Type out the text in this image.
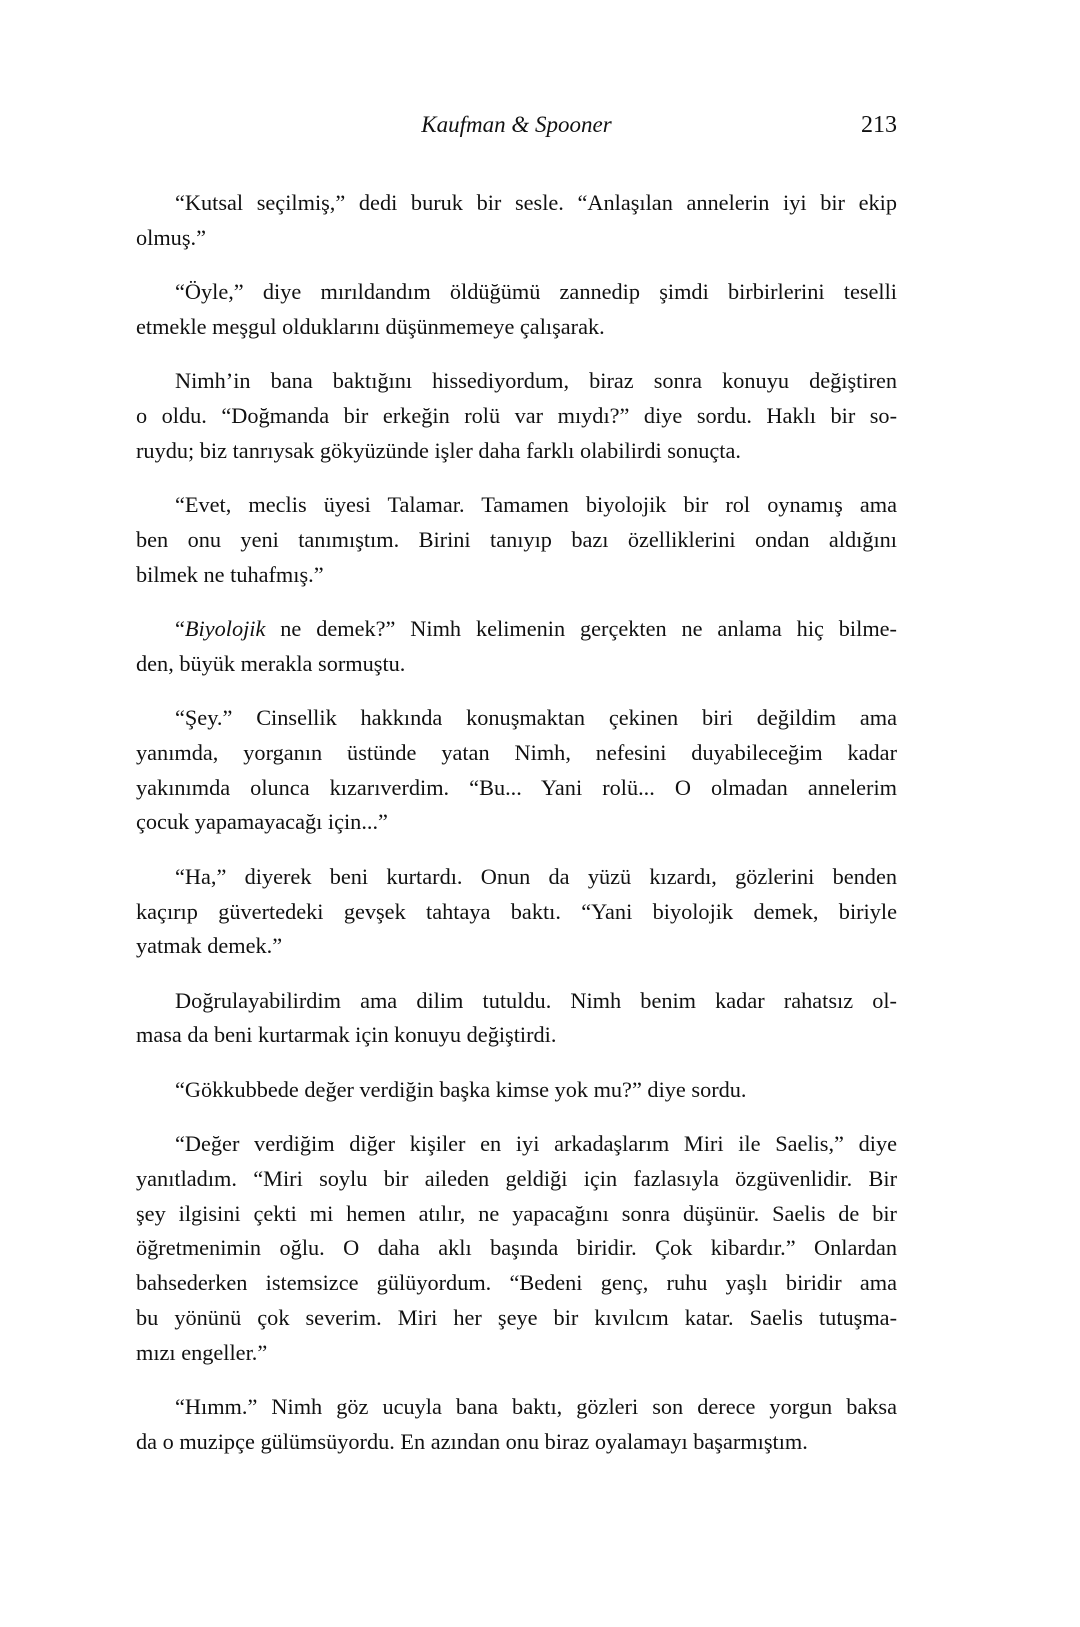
Kaufman & Spooner	213

“Kutsal seçilmiş,” dedi buruk bir sesle. “Anlaşılan annelerin iyi bir ekip
olmuş.”

“Öyle,” diye mırıldandım öldüğümü zannedip şimdi birbirlerini teselli
etmekle meşgul olduklarını düşünmemeye çalışarak.

Nimh’in bana baktığını hissediyordum, biraz sonra konuyu değiştiren
o oldu. “Doğmanda bir erkeğin rolü var mıydı?” diye sordu. Haklı bir so-
ruydu; biz tanrıysak gökyüzünde işler daha farklı olabilirdi sonuçta.

“Evet, meclis üyesi Talamar. Tamamen biyolojik bir rol oynamış ama
ben onu yeni tanımıştım. Birini tanıyıp bazı özelliklerini ondan aldığını
bilmek ne tuhafmış.”

“Biyolojik ne demek?” Nimh kelimenin gerçekten ne anlama hiç bilme-
den, büyük merakla sormuştu.

“Şey.” Cinsellik hakkında konuşmaktan çekinen biri değildim ama
yanımda, yorganın üstünde yatan Nimh, nefesini duyabileceğim kadar
yakınımda olunca kızarıverdim. “Bu... Yani rolü... O olmadan annelerim
çocuk yapamayacağı için...”

“Ha,” diyerek beni kurtardı. Onun da yüzü kızardı, gözlerini benden
kaçırıp güvertedeki gevşek tahtaya baktı. “Yani biyolojik demek, biriyle
yatmak demek.”

Doğrulayabilirdim ama dilim tutuldu. Nimh benim kadar rahatsız ol-
masa da beni kurtarmak için konuyu değiştirdi.

“Gökkubbede değer verdiğin başka kimse yok mu?” diye sordu.

“Değer verdiğim diğer kişiler en iyi arkadaşlarım Miri ile Saelis,” diye
yanıtladım. “Miri soylu bir aileden geldiği için fazlasıyla özgüvenlidir. Bir
şey ilgisini çekti mi hemen atılır, ne yapacağını sonra düşünür. Saelis de bir
öğretmenimin oğlu. O daha aklı başında biridir. Çok kibardır.” Onlardan
bahsederken istemsizce gülüyordum. “Bedeni genç, ruhu yaşlı biridir ama
bu yönünü çok severim. Miri her şeye bir kıvılcım katar. Saelis tutuşma-
mızı engeller.”

“Hımm.” Nimh göz ucuyla bana baktı, gözleri son derece yorgun baksa
da o muzipçe gülümsüyordu. En azından onu biraz oyalamayı başarmıştım.
